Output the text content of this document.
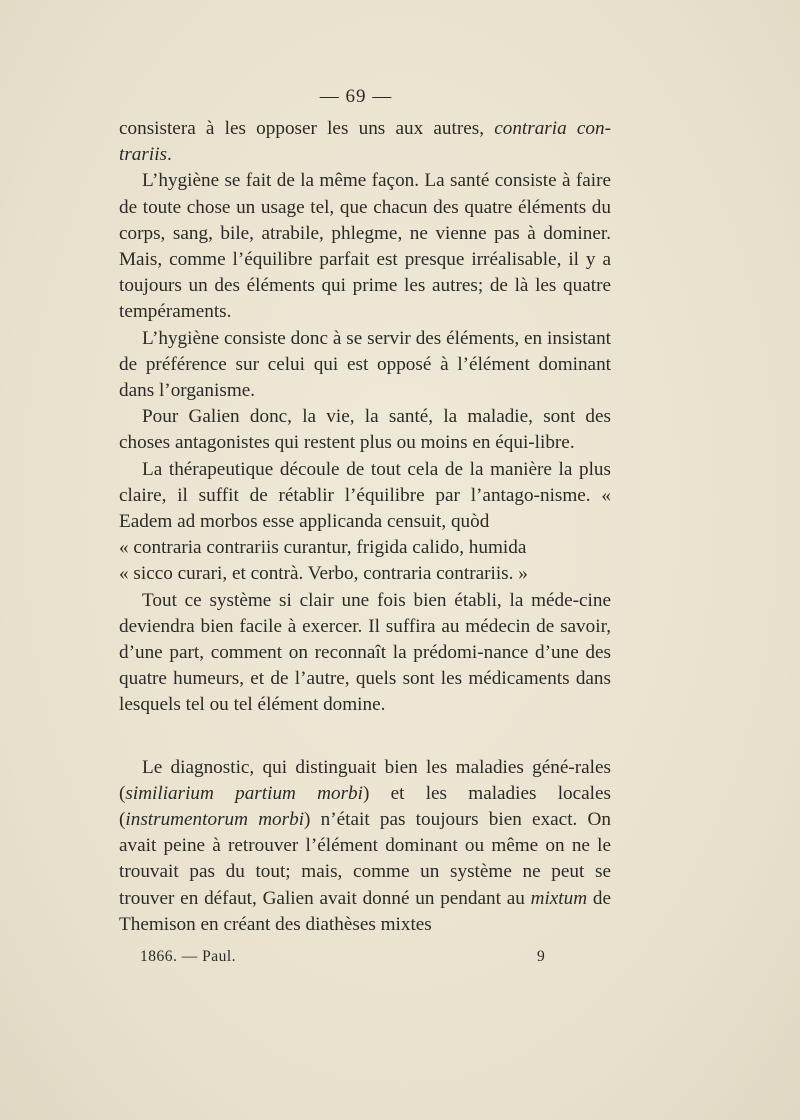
— 69 —

consistera à les opposer les uns aux autres, contraria con-trariis.

L’hygiène se fait de la même façon. La santé consiste à faire de toute chose un usage tel, que chacun des quatre éléments du corps, sang, bile, atrabile, phlegme, ne vienne pas à dominer. Mais, comme l’équilibre parfait est presque irréalisable, il y a toujours un des éléments qui prime les autres; de là les quatre tempéraments.

L’hygiène consiste donc à se servir des éléments, en insistant de préférence sur celui qui est opposé à l’élément dominant dans l’organisme.

Pour Galien donc, la vie, la santé, la maladie, sont des choses antagonistes qui restent plus ou moins en équi-libre.

La thérapeutique découle de tout cela de la manière la plus claire, il suffit de rétablir l’équilibre par l’antago-nisme. « Eadem ad morbos esse applicanda censuit, quòd

« contraria contrariis curantur, frigida calido, humida

« sicco curari, et contrà. Verbo, contraria contrariis. »

Tout ce système si clair une fois bien établi, la méde-cine deviendra bien facile à exercer. Il suffira au médecin de savoir, d’une part, comment on reconnaît la prédomi-nance d’une des quatre humeurs, et de l’autre, quels sont les médicaments dans lesquels tel ou tel élément domine.

Le diagnostic, qui distinguait bien les maladies géné-rales (similiarium partium morbi) et les maladies locales (instrumentorum morbi) n’était pas toujours bien exact. On avait peine à retrouver l’élément dominant ou même on ne le trouvait pas du tout; mais, comme un système ne peut se trouver en défaut, Galien avait donné un pendant au mixtum de Themison en créant des diathèses mixtes

1866. — Paul.	9
